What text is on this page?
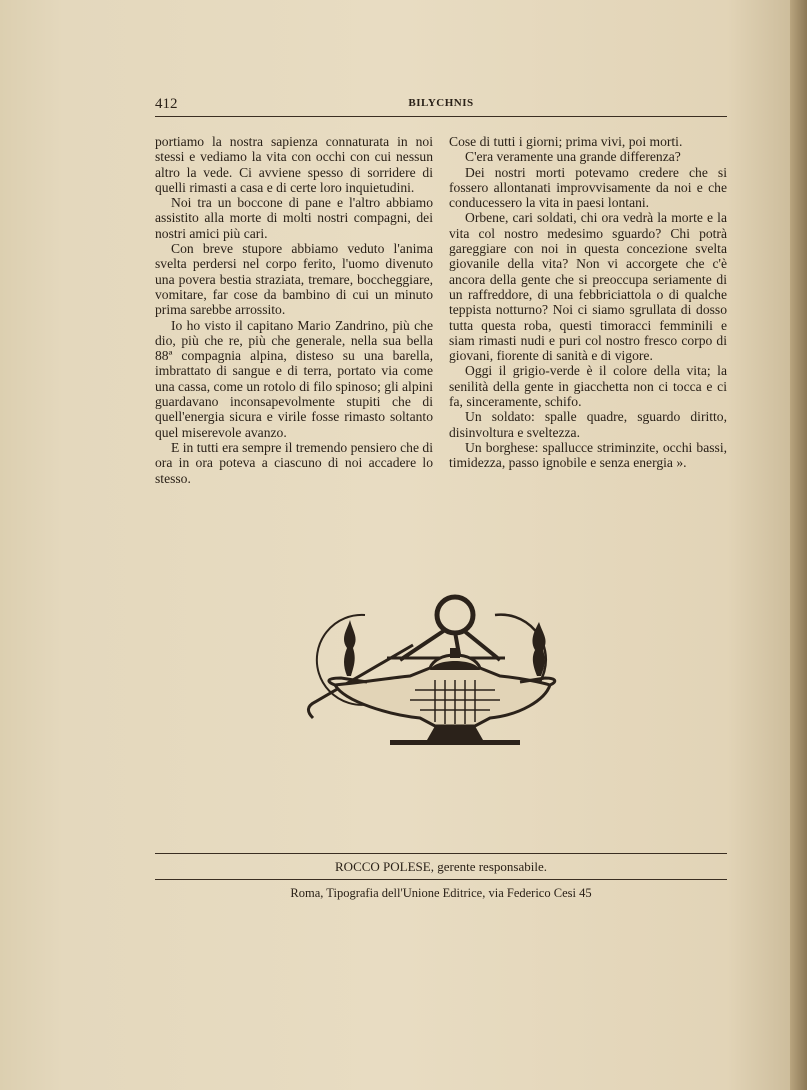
412	BILYCHNIS

portiamo la nostra sapienza connaturata in noi stessi e vediamo la vita con occhi con cui nessun altro la vede. Ci avviene spesso di sorridere di quelli rimasti a casa e di certe loro inquietudini.

Noi tra un boccone di pane e l'altro abbiamo assistito alla morte di molti nostri compagni, dei nostri amici più cari.

Con breve stupore abbiamo veduto l'anima svelta perdersi nel corpo ferito, l'uomo divenuto una povera bestia straziata, tremare, boccheggiare, vomitare, far cose da bambino di cui un minuto prima sarebbe arrossito.

Io ho visto il capitano Mario Zandrino, più che dio, più che re, più che generale, nella sua bella 88ª compagnia alpina, disteso su una barella, imbrattato di sangue e di terra, portato via come una cassa, come un rotolo di filo spinoso; gli alpini guardavano inconsapevolmente stupiti che di quell'energia sicura e virile fosse rimasto soltanto quel miserevole avanzo.

E in tutti era sempre il tremendo pensiero che di ora in ora poteva a ciascuno di noi accadere lo stesso.

Cose di tutti i giorni; prima vivi, poi morti.

C'era veramente una grande differenza?

Dei nostri morti potevamo credere che si fossero allontanati improvvisamente da noi e che conducessero la vita in paesi lontani.

Orbene, cari soldati, chi ora vedrà la morte e la vita col nostro medesimo sguardo? Chi potrà gareggiare con noi in questa concezione svelta giovanile della vita? Non vi accorgete che c'è ancora della gente che si preoccupa seriamente di un raffreddore, di una febbriciattola o di qualche teppista notturno? Noi ci siamo sgrullata di dosso tutta questa roba, questi timoracci femminili e siam rimasti nudi e puri col nostro fresco corpo di giovani, fiorente di sanità e di vigore.

Oggi il grigio-verde è il colore della vita; la senilità della gente in giacchetta non ci tocca e ci fa, sinceramente, schifo.

Un soldato: spalle quadre, sguardo diritto, disinvoltura e sveltezza.

Un borghese: spallucce striminzite, occhi bassi, timidezza, passo ignobile e senza energia ».

ROCCO POLESE, gerente responsabile.
Roma, Tipografia dell'Unione Editrice, via Federico Cesi 45
